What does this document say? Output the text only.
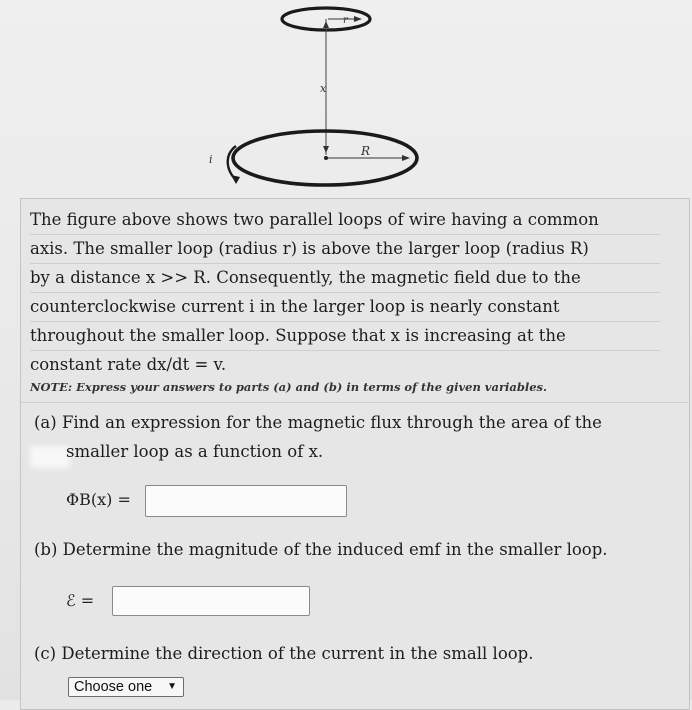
r
x
R
i
The figure above shows two parallel loops of wire having a common
axis. The smaller loop (radius r) is above the larger loop (radius R)
by a distance x >> R. Consequently, the magnetic field due to the
counterclockwise current i in the larger loop is nearly constant
throughout the smaller loop. Suppose that x is increasing at the
constant rate dx/dt = v.
NOTE: Express your answers to parts (a) and (b) in terms of the given variables.
(a) Find an expression for the magnetic flux through the area of the
smaller loop as a function of x.
ΦB(x) =
(b) Determine the magnitude of the induced emf in the smaller loop.
ℰ =
(c) Determine the direction of the current in the small loop.
Choose one ▼
